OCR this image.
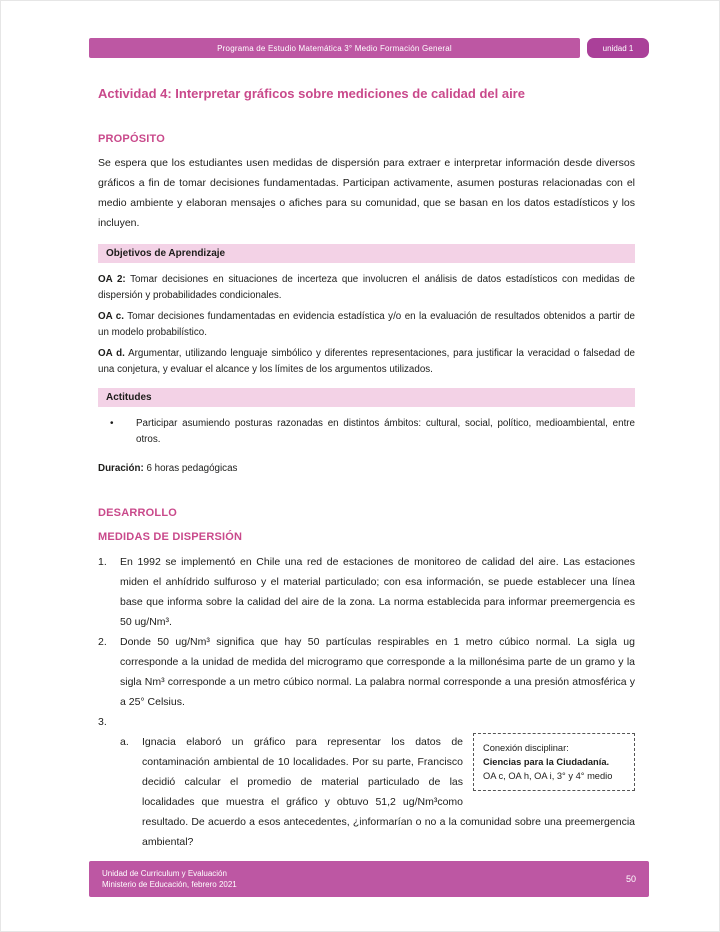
Programa de Estudio Matemática 3° Medio Formación General	unidad 1
Actividad 4: Interpretar gráficos sobre mediciones de calidad del aire
PROPÓSITO

Se espera que los estudiantes usen medidas de dispersión para extraer e interpretar información desde diversos gráficos a fin de tomar decisiones fundamentadas. Participan activamente, asumen posturas relacionadas con el medio ambiente y elaboran mensajes o afiches para su comunidad, que se basan en los datos estadísticos y los incluyen.

Objetivos de Aprendizaje

OA 2: Tomar decisiones en situaciones de incerteza que involucren el análisis de datos estadísticos con medidas de dispersión y probabilidades condicionales.

OA c. Tomar decisiones fundamentadas en evidencia estadística y/o en la evaluación de resultados obtenidos a partir de un modelo probabilístico.

OA d. Argumentar, utilizando lenguaje simbólico y diferentes representaciones, para justificar la veracidad o falsedad de una conjetura, y evaluar el alcance y los límites de los argumentos utilizados.

Actitudes
• Participar asumiendo posturas razonadas en distintos ámbitos: cultural, social, político, medioambiental, entre otros.

Duración: 6 horas pedagógicas

DESARROLLO
MEDIDAS DE DISPERSIÓN
1. En 1992 se implementó en Chile una red de estaciones de monitoreo de calidad del aire. Las estaciones miden el anhídrido sulfuroso y el material particulado; con esa información, se puede establecer una línea base que informa sobre la calidad del aire de la zona. La norma establecida para informar preemergencia es 50 ug/Nm³.

2. Donde 50 ug/Nm³ significa que hay 50 partículas respirables en 1 metro cúbico normal. La sigla ug corresponde a la unidad de medida del microgramo que corresponde a la millonésima parte de un gramo y la sigla Nm³ corresponde a un metro cúbico normal. La palabra normal corresponde a una presión atmosférica y a 25° Celsius.

3.

Conexión disciplinar:

Ciencias para la Ciudadanía.

OA c, OA h, OA i, 3° y 4° medio

a. Ignacia elaboró un gráfico para representar los datos de contaminación ambiental de 10 localidades. Por su parte, Francisco decidió calcular el promedio de material particulado de las localidades que muestra el gráfico y obtuvo 51,2 ug/Nm³como resultado. De acuerdo a esos antecedentes, ¿informarían o no a la comunidad sobre una preemergencia ambiental?

Unidad de Curriculum y Evaluación
Ministerio de Educación, febrero 2021
50
